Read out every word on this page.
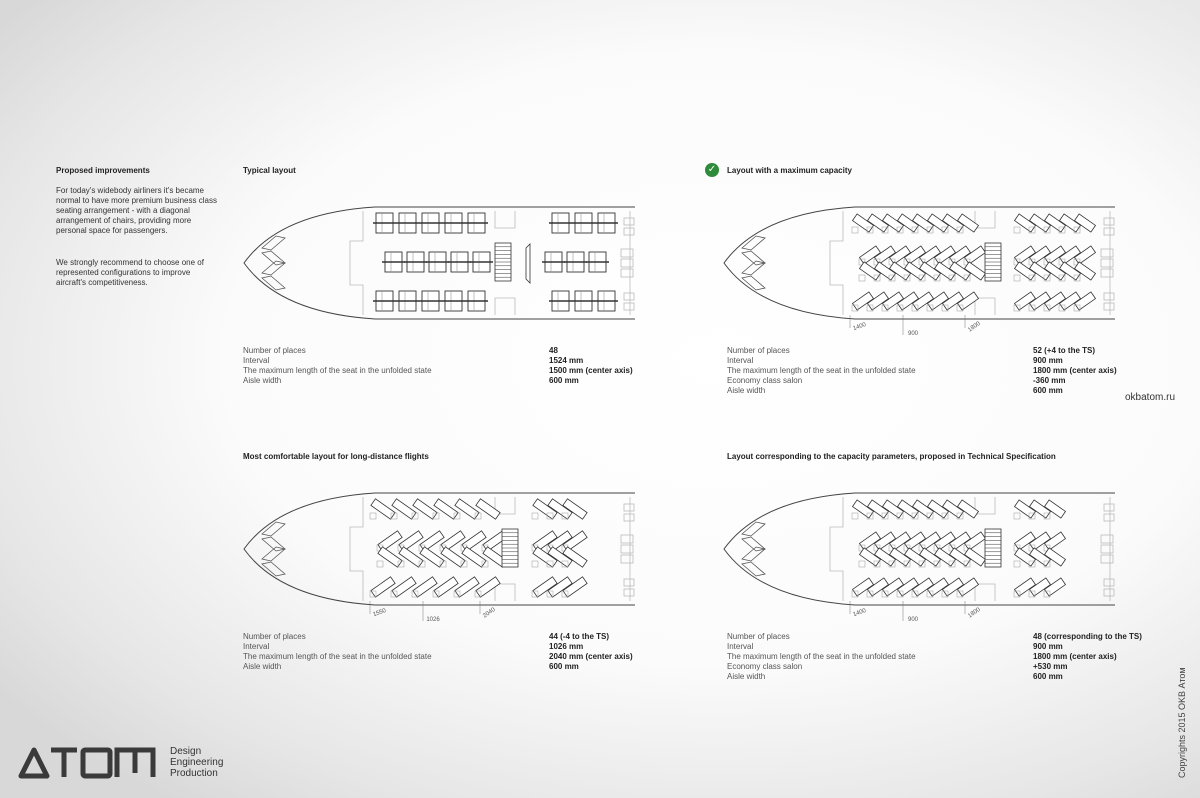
Proposed improvements
For today's widebody airliners it's became normal to have more premium business class seating arrangement - with a diagonal arrangement of chairs, providing more personal space for passengers.
We strongly recommend to choose one of represented configurations to improve aircraft's competitiveness.
Typical layout	✓	Layout with a maximum capacity
Most comfortable layout for long-distance flights	Layout corresponding to the capacity parameters, proposed in Technical Specification
1400
900
1800
1550
1026
2040	1400
900
1800
Number of places	48
Interval	1524 mm
The maximum length of the seat in the unfolded state	1500 mm (center axis)
Aisle width	600 mm
Number of places	52 (+4 to the TS)
Interval	900 mm
The maximum length of the seat in the unfolded state	1800 mm (center axis)
Economy class salon	-360 mm
Aisle width	600 mm
Number of places	44 (-4 to the TS)
Interval	1026 mm
The maximum length of the seat in the unfolded state	2040 mm (center axis)
Aisle width	600 mm
Number of places	48 (corresponding to the TS)
Interval	900 mm
The maximum length of the seat in the unfolded state	1800 mm (center axis)
Economy class salon	+530 mm
Aisle width	600 mm
okbatom.ru
Design
Engineering
Production	Copyrights 2015 OKB Атом
